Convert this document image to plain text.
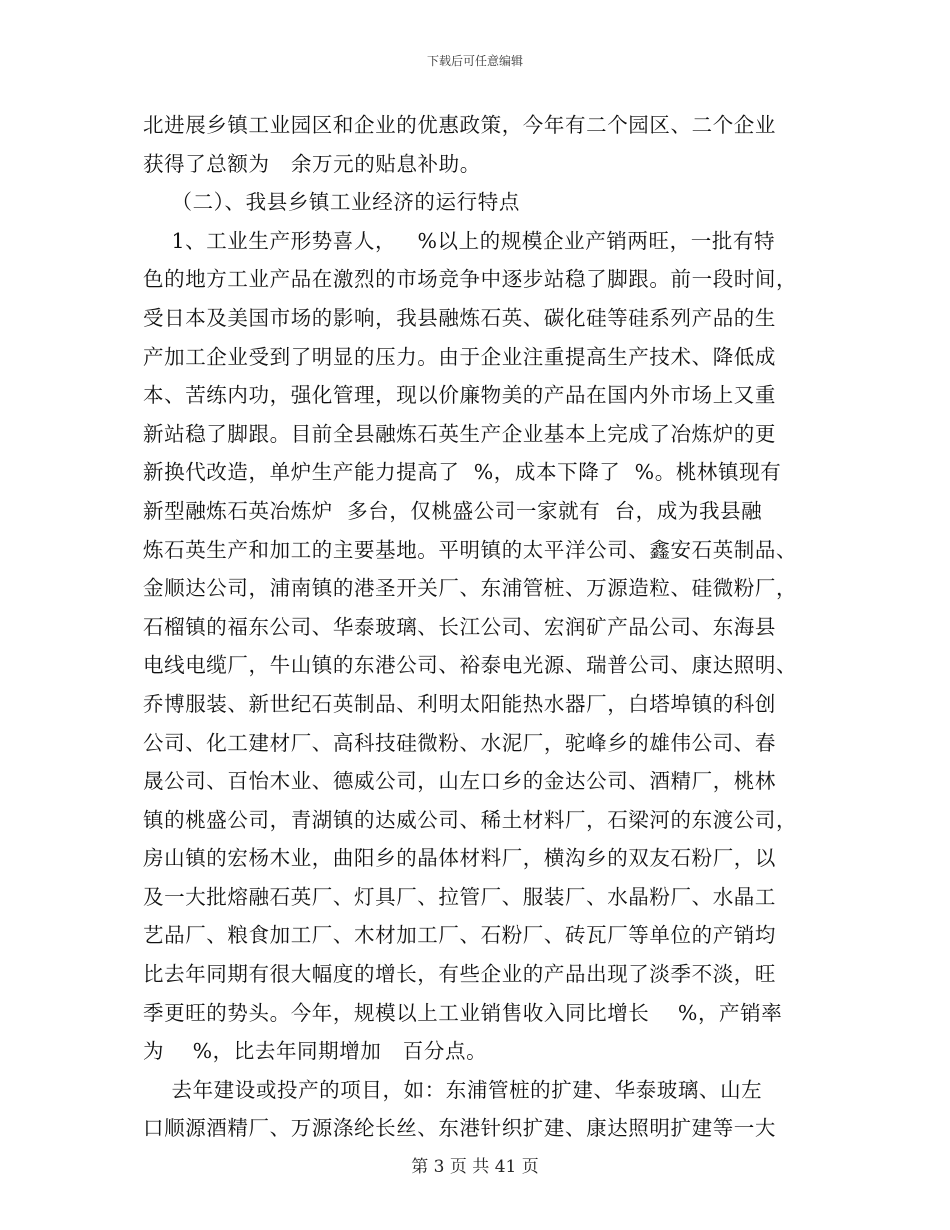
下载后可任意编辑
北进展乡镇工业园区和企业的优惠政策，今年有二个园区、二个企业
获得了总额为   余万元的贴息补助。
（二）、我县乡镇工业经济的运行特点
1、工业生产形势喜人，   %以上的规模企业产销两旺，一批有特
色的地方工业产品在激烈的市场竞争中逐步站稳了脚跟。前一段时间，
受日本及美国市场的影响，我县融炼石英、碳化硅等硅系列产品的生
产加工企业受到了明显的压力。由于企业注重提高生产技术、降低成
本、苦练内功，强化管理，现以价廉物美的产品在国内外市场上又重
新站稳了脚跟。目前全县融炼石英生产企业基本上完成了冶炼炉的更
新换代改造，单炉生产能力提高了  %，成本下降了  %。桃林镇现有
新型融炼石英冶炼炉  多台，仅桃盛公司一家就有  台，成为我县融
炼石英生产和加工的主要基地。平明镇的太平洋公司、鑫安石英制品、
金顺达公司，浦南镇的港圣开关厂、东浦管桩、万源造粒、硅微粉厂，
石榴镇的福东公司、华泰玻璃、长江公司、宏润矿产品公司、东海县
电线电缆厂，牛山镇的东港公司、裕泰电光源、瑞普公司、康达照明、
乔博服装、新世纪石英制品、利明太阳能热水器厂，白塔埠镇的科创
公司、化工建材厂、高科技硅微粉、水泥厂，驼峰乡的雄伟公司、春
晟公司、百怡木业、德威公司，山左口乡的金达公司、酒精厂，桃林
镇的桃盛公司，青湖镇的达威公司、稀土材料厂，石梁河的东渡公司，
房山镇的宏杨木业，曲阳乡的晶体材料厂，横沟乡的双友石粉厂，以
及一大批熔融石英厂、灯具厂、拉管厂、服装厂、水晶粉厂、水晶工
艺品厂、粮食加工厂、木材加工厂、石粉厂、砖瓦厂等单位的产销均
比去年同期有很大幅度的增长，有些企业的产品出现了淡季不淡，旺
季更旺的势头。今年，规模以上工业销售收入同比增长    %，产销率
为    %，比去年同期增加   百分点。
去年建设或投产的项目，如：东浦管桩的扩建、华泰玻璃、山左
口顺源酒精厂、万源涤纶长丝、东港针织扩建、康达照明扩建等一大
第 3 页 共 41 页
